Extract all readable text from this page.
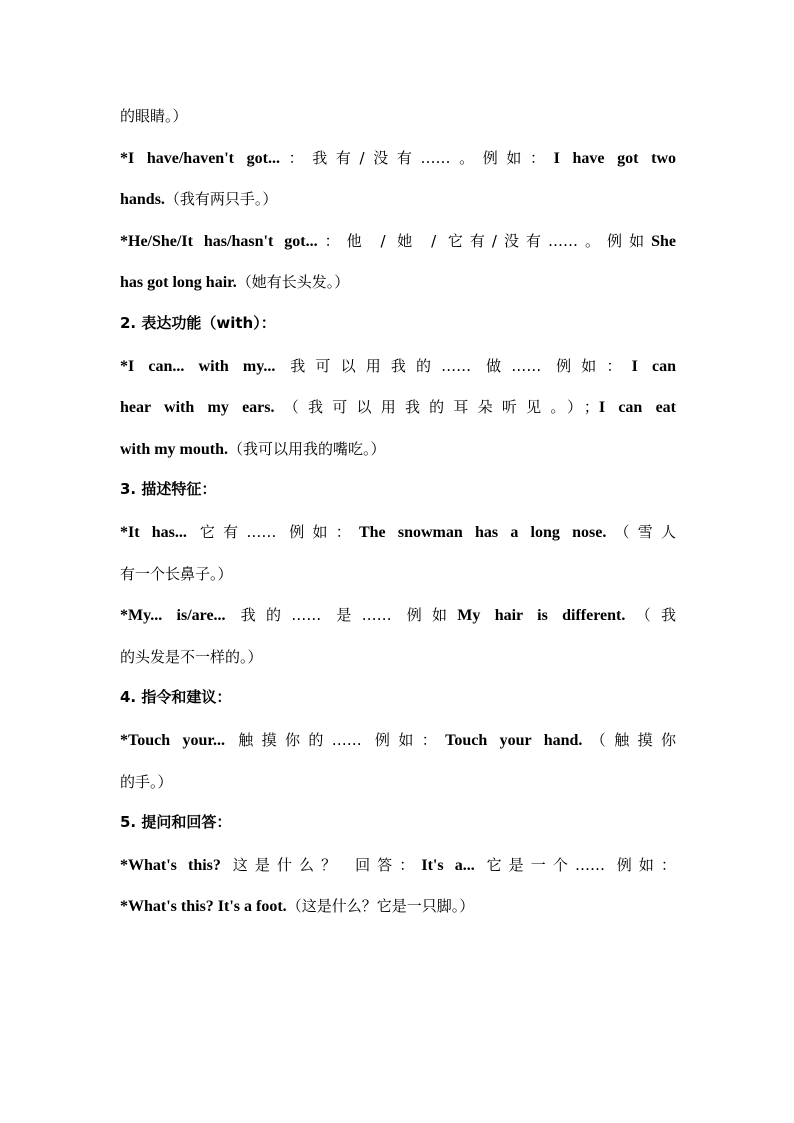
的眼睛。）
*I have/haven't got...：我有/没有……。例如：I have got two
hands.（我有两只手。）
*He/She/It has/hasn't got...：他 / 她 / 它有/没有……。例如She
has got long hair.（她有长头发。）
2. 表达功能（with）：
*I can... with my... 我可以用我的…… 做…… 例如：I can
hear with my ears.（我可以用我的耳朵听见。）；I can eat
with my mouth.（我可以用我的嘴吃。）
3. 描述特征：
*It has... 它有…… 例如：The snowman has a long nose.（雪人
有一个长鼻子。）
*My... is/are... 我的…… 是…… 例如My hair is different.（我
的头发是不一样的。）
4. 指令和建议：
*Touch your... 触摸你的…… 例如：Touch your hand.（触摸你
的手。）
5. 提问和回答：
*What's this? 这是什么？ 回答：It's a... 它是一个…… 例如：
*What's this? It's a foot.（这是什么？它是一只脚。）
